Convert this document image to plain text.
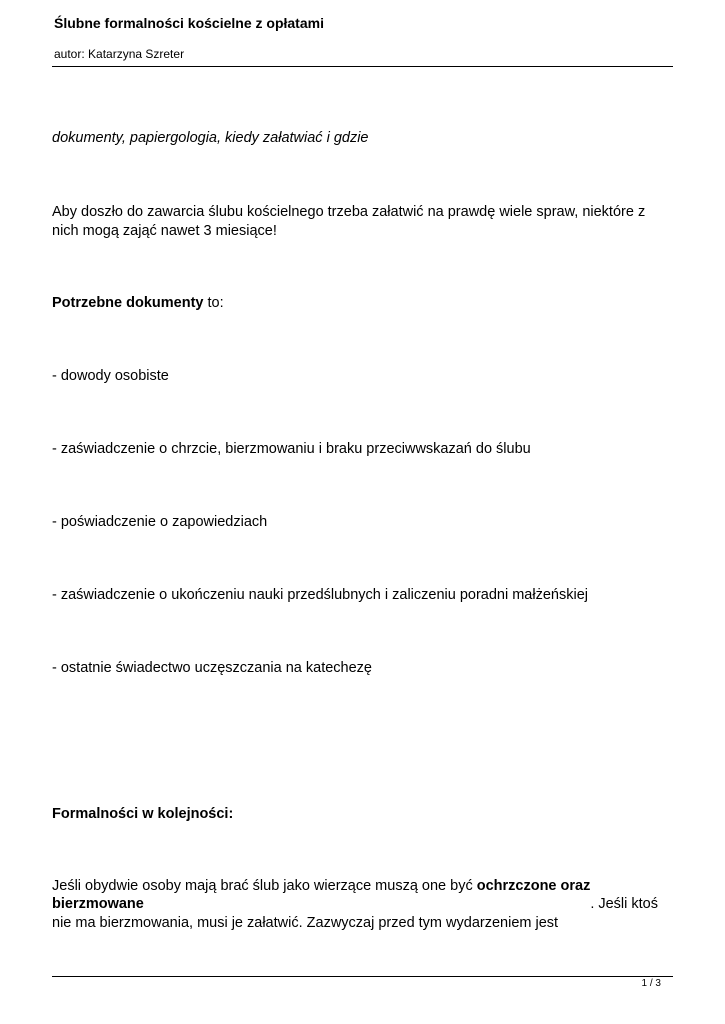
Ślubne formalności kościelne z opłatami
autor: Katarzyna Szreter
dokumenty, papiergologia, kiedy załatwiać i gdzie
Aby doszło do zawarcia ślubu kościelnego trzeba załatwić na prawdę wiele spraw, niektóre z nich mogą zająć nawet 3 miesiące!
Potrzebne dokumenty to:
- dowody osobiste
- zaświadczenie o chrzcie, bierzmowaniu i braku przeciwwskazań do ślubu
- poświadczenie o zapowiedziach
- zaświadczenie o ukończeniu nauki przedślubnych i zaliczeniu poradni małżeńskiej
- ostatnie świadectwo uczęszczania na katechezę
Formalności w kolejności:
Jeśli obydwie osoby mają brać ślub jako wierzące muszą one być ochrzczone oraz
bierzmowane	. Jeśli ktoś
nie ma bierzmowania, musi je załatwić. Zazwyczaj przed tym wydarzeniem jest
1 / 3
